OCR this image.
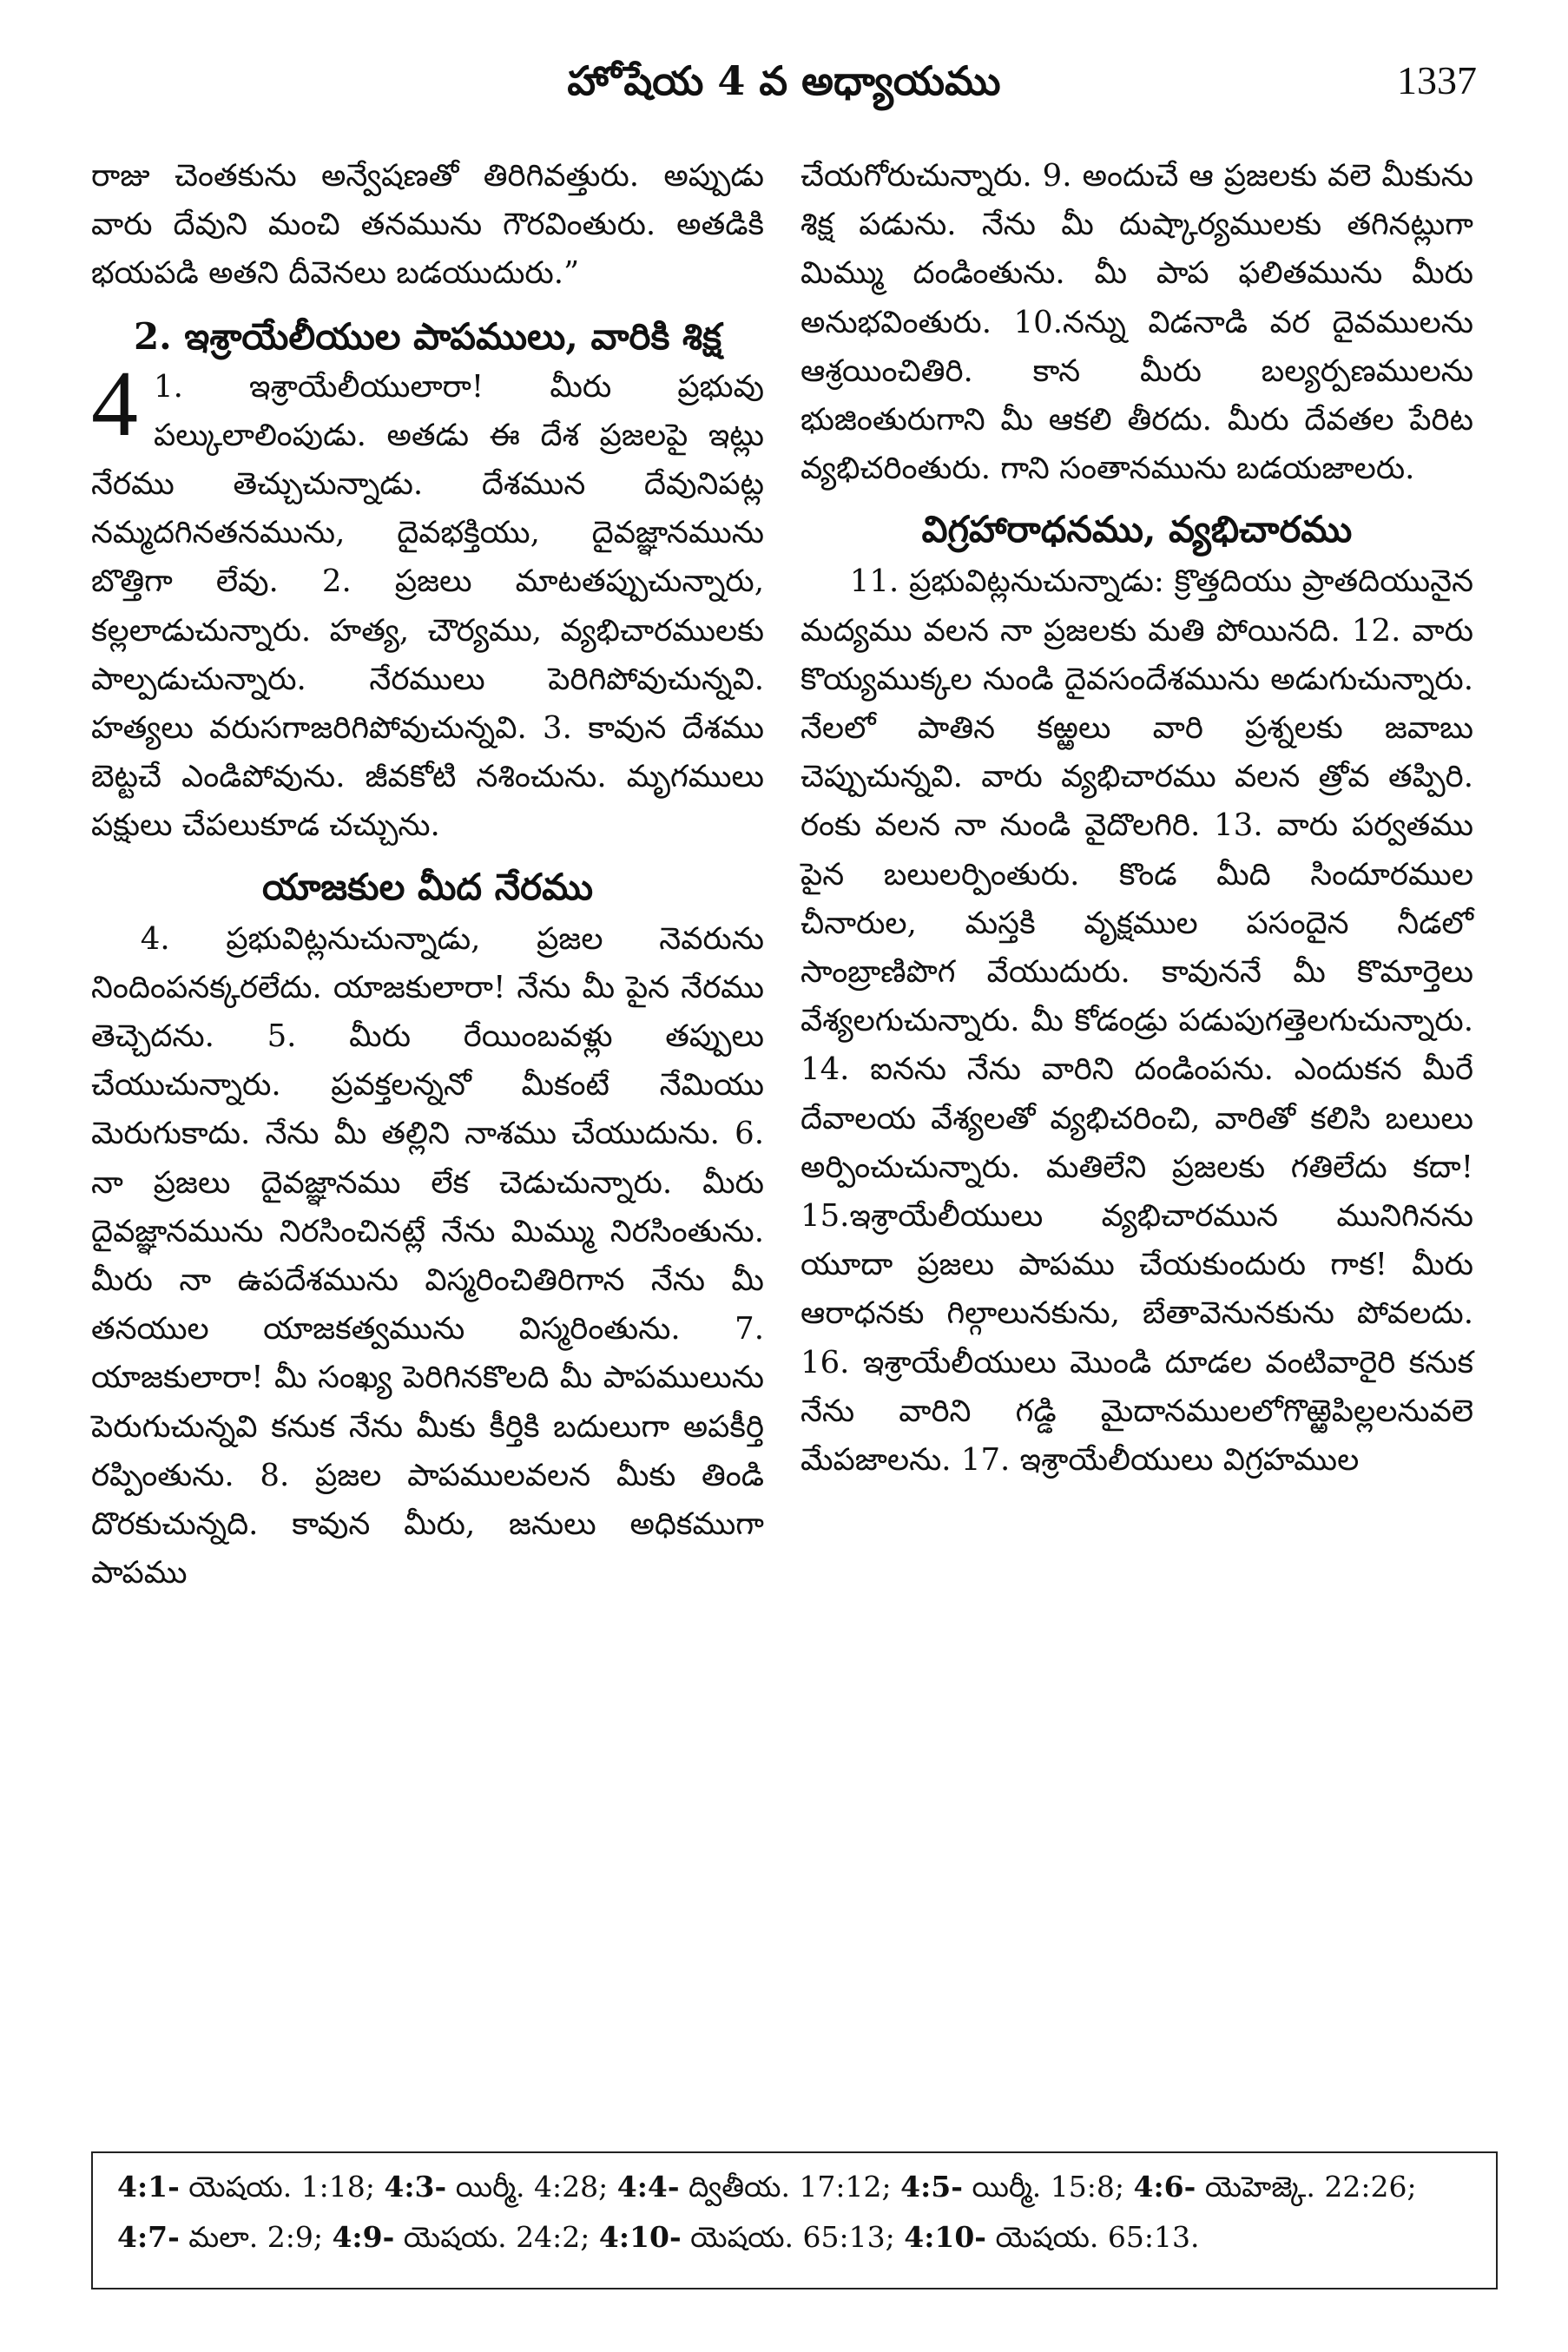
హోషేయ 4 వ అధ్యాయము	1337

రాజు చెంతకును అన్వేషణతో తిరిగివత్తురు. అప్పుడు వారు దేవుని మంచి తనమును గౌరవింతురు. అతడికి భయపడి అతని దీవెనలు బడయుదురు.”

2. ఇశ్రాయేలీయుల పాపములు, వారికి శిక్ష

4 1. ఇశ్రాయేలీయులారా! మీరు ప్రభువు పల్కులాలింపుడు. అతడు ఈ దేశ ప్రజలపై ఇట్లు నేరము తెచ్చుచున్నాడు. దేశమున దేవునిపట్ల నమ్మదగినతనమును, దైవభక్తియు, దైవజ్ఞానమును బొత్తిగా లేవు. 2. ప్రజలు మాటతప్పుచున్నారు, కల్లలాడుచున్నారు. హత్య, చౌర్యము, వ్యభిచారములకు పాల్పడుచున్నారు. నేరములు పెరిగిపోవుచున్నవి. హత్యలు వరుసగాజరిగిపోవుచున్నవి. 3. కావున దేశము బెట్టచే ఎండిపోవును. జీవకోటి నశించును. మృగములు పక్షులు చేపలుకూడ చచ్చును.

యాజకుల మీద నేరము

4. ప్రభువిట్లనుచున్నాడు, ప్రజల నెవరును నిందింపనక్కరలేదు. యాజకులారా! నేను మీ పైన నేరము తెచ్చెదను. 5. మీరు రేయింబవళ్లు తప్పులు చేయుచున్నారు. ప్రవక్తలన్ననో మీకంటే నేమియు మెరుగుకాదు. నేను మీ తల్లిని నాశము చేయుదును. 6. నా ప్రజలు దైవజ్ఞానము లేక చెడుచున్నారు. మీరు దైవజ్ఞానమును నిరసించినట్లే నేను మిమ్ము నిరసింతును. మీరు నా ఉపదేశమును విస్మరించితిరిగాన నేను మీ తనయుల యాజకత్వమును విస్మరింతును. 7. యాజకులారా! మీ సంఖ్య పెరిగినకొలది మీ పాపములును పెరుగుచున్నవి కనుక నేను మీకు కీర్తికి బదులుగా అపకీర్తి రప్పింతును. 8. ప్రజల పాపములవలన మీకు తిండి దొరకుచున్నది. కావున మీరు, జనులు అధికముగా పాపము

చేయగోరుచున్నారు. 9. అందుచే ఆ ప్రజలకు వలె మీకును శిక్ష పడును. నేను మీ దుష్కార్యములకు తగినట్లుగా మిమ్ము దండింతును. మీ పాప ఫలితమును మీరు అనుభవింతురు. 10.నన్ను విడనాడి వర దైవములను ఆశ్రయించితిరి. కాన మీరు బల్యర్పణములను భుజింతురుగాని మీ ఆకలి తీరదు. మీరు దేవతల పేరిట వ్యభిచరింతురు. గాని సంతానమును బడయజాలరు.

విగ్రహారాధనము, వ్యభిచారము

11. ప్రభువిట్లనుచున్నాడు: క్రొత్తదియు ప్రాతదియునైన మద్యము వలన నా ప్రజలకు మతి పోయినది. 12. వారు కొయ్యముక్కల నుండి దైవసందేశమును అడుగుచున్నారు. నేలలో పాతిన కఱ్ఱలు వారి ప్రశ్నలకు జవాబు చెప్పుచున్నవి. వారు వ్యభిచారము వలన త్రోవ తప్పిరి. రంకు వలన నా నుండి వైదొలగిరి. 13. వారు పర్వతము పైన బలులర్పింతురు. కొండ మీది సిందూరముల చీనారుల, మస్తకి వృక్షముల పసందైన నీడలో సాంబ్రాణిపొగ వేయుదురు. కావుననే మీ కొమార్తెలు వేశ్యలగుచున్నారు. మీ కోడండ్రు పడుపుగత్తెలగుచున్నారు. 14. ఐనను నేను వారిని దండింపను. ఎందుకన మీరే దేవాలయ వేశ్యలతో వ్యభిచరించి, వారితో కలిసి బలులు అర్పించుచున్నారు. మతిలేని ప్రజలకు గతిలేదు కదా! 15.ఇశ్రాయేలీయులు వ్యభిచారమున మునిగినను యూదా ప్రజలు పాపము చేయకుందురు గాక! మీరు ఆరాధనకు గిల్గాలునకును, బేతావెనునకును పోవలదు. 16. ఇశ్రాయేలీయులు మొండి దూడల వంటివారైరి కనుక నేను వారిని గడ్డి మైదానములలోగొఱ్ఱెపిల్లలనువలె మేపజాలను. 17. ఇశ్రాయేలీయులు విగ్రహముల

4:1- యెషయ. 1:18; 4:3- యిర్మీ. 4:28; 4:4- ద్వితీయ. 17:12; 4:5- యిర్మీ. 15:8; 4:6- యెహెజ్కె. 22:26; 4:7- మలా. 2:9; 4:9- యెషయ. 24:2; 4:10- యెషయ. 65:13; 4:10- యెషయ. 65:13.
